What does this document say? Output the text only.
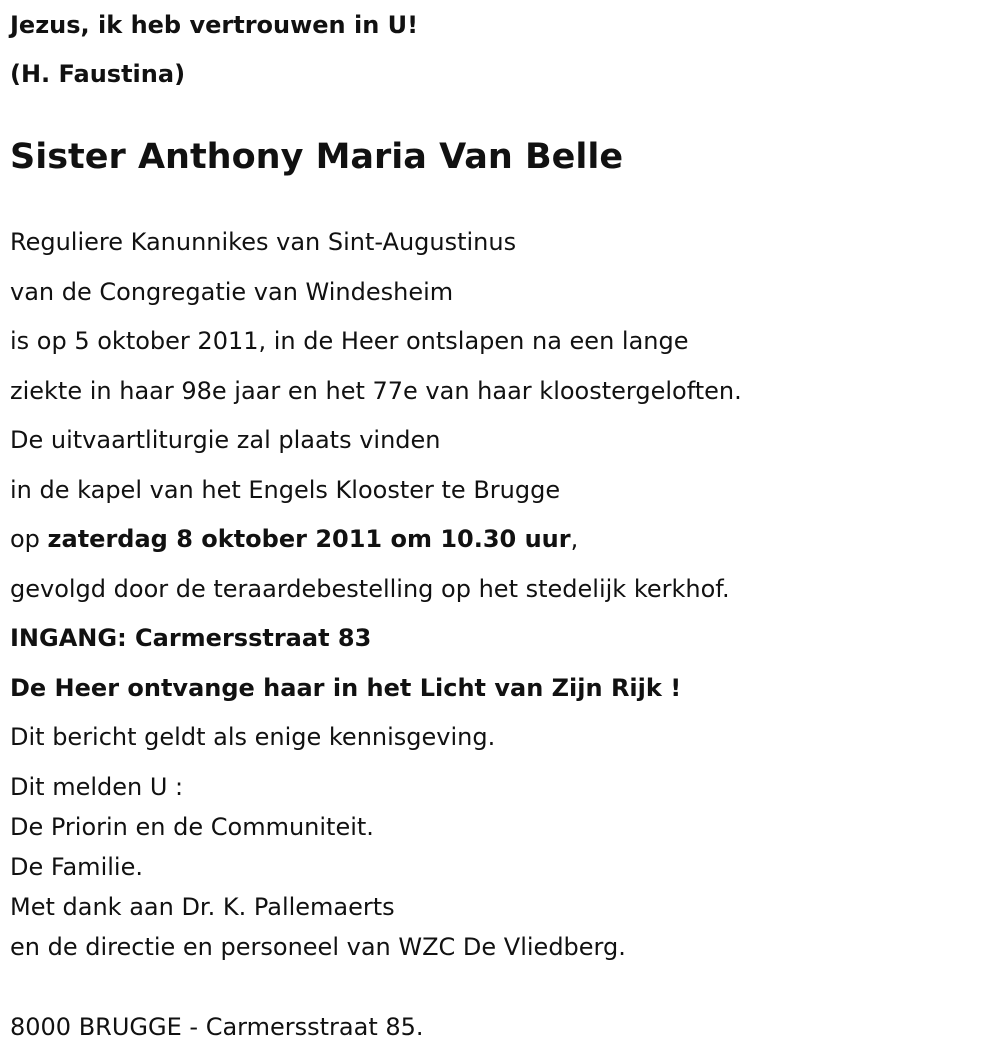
Jezus, ik heb vertrouwen in U!
(H. Faustina)
Sister Anthony Maria Van Belle
Reguliere Kanunnikes van Sint-Augustinus
van de Congregatie van Windesheim
is op 5 oktober 2011, in de Heer ontslapen na een lange
ziekte in haar 98e jaar en het 77e van haar kloostergeloften.
De uitvaartliturgie zal plaats vinden
in de kapel van het Engels Klooster te Brugge
op zaterdag 8 oktober 2011 om 10.30 uur,
gevolgd door de teraardebestelling op het stedelijk kerkhof.
INGANG: Carmersstraat 83
De Heer ontvange haar in het Licht van Zijn Rijk !
Dit bericht geldt als enige kennisgeving.
Dit melden U :
De Priorin en de Communiteit.
De Familie.
Met dank aan Dr. K. Pallemaerts
en de directie en personeel van WZC De Vliedberg.
8000 BRUGGE - Carmersstraat 85.
